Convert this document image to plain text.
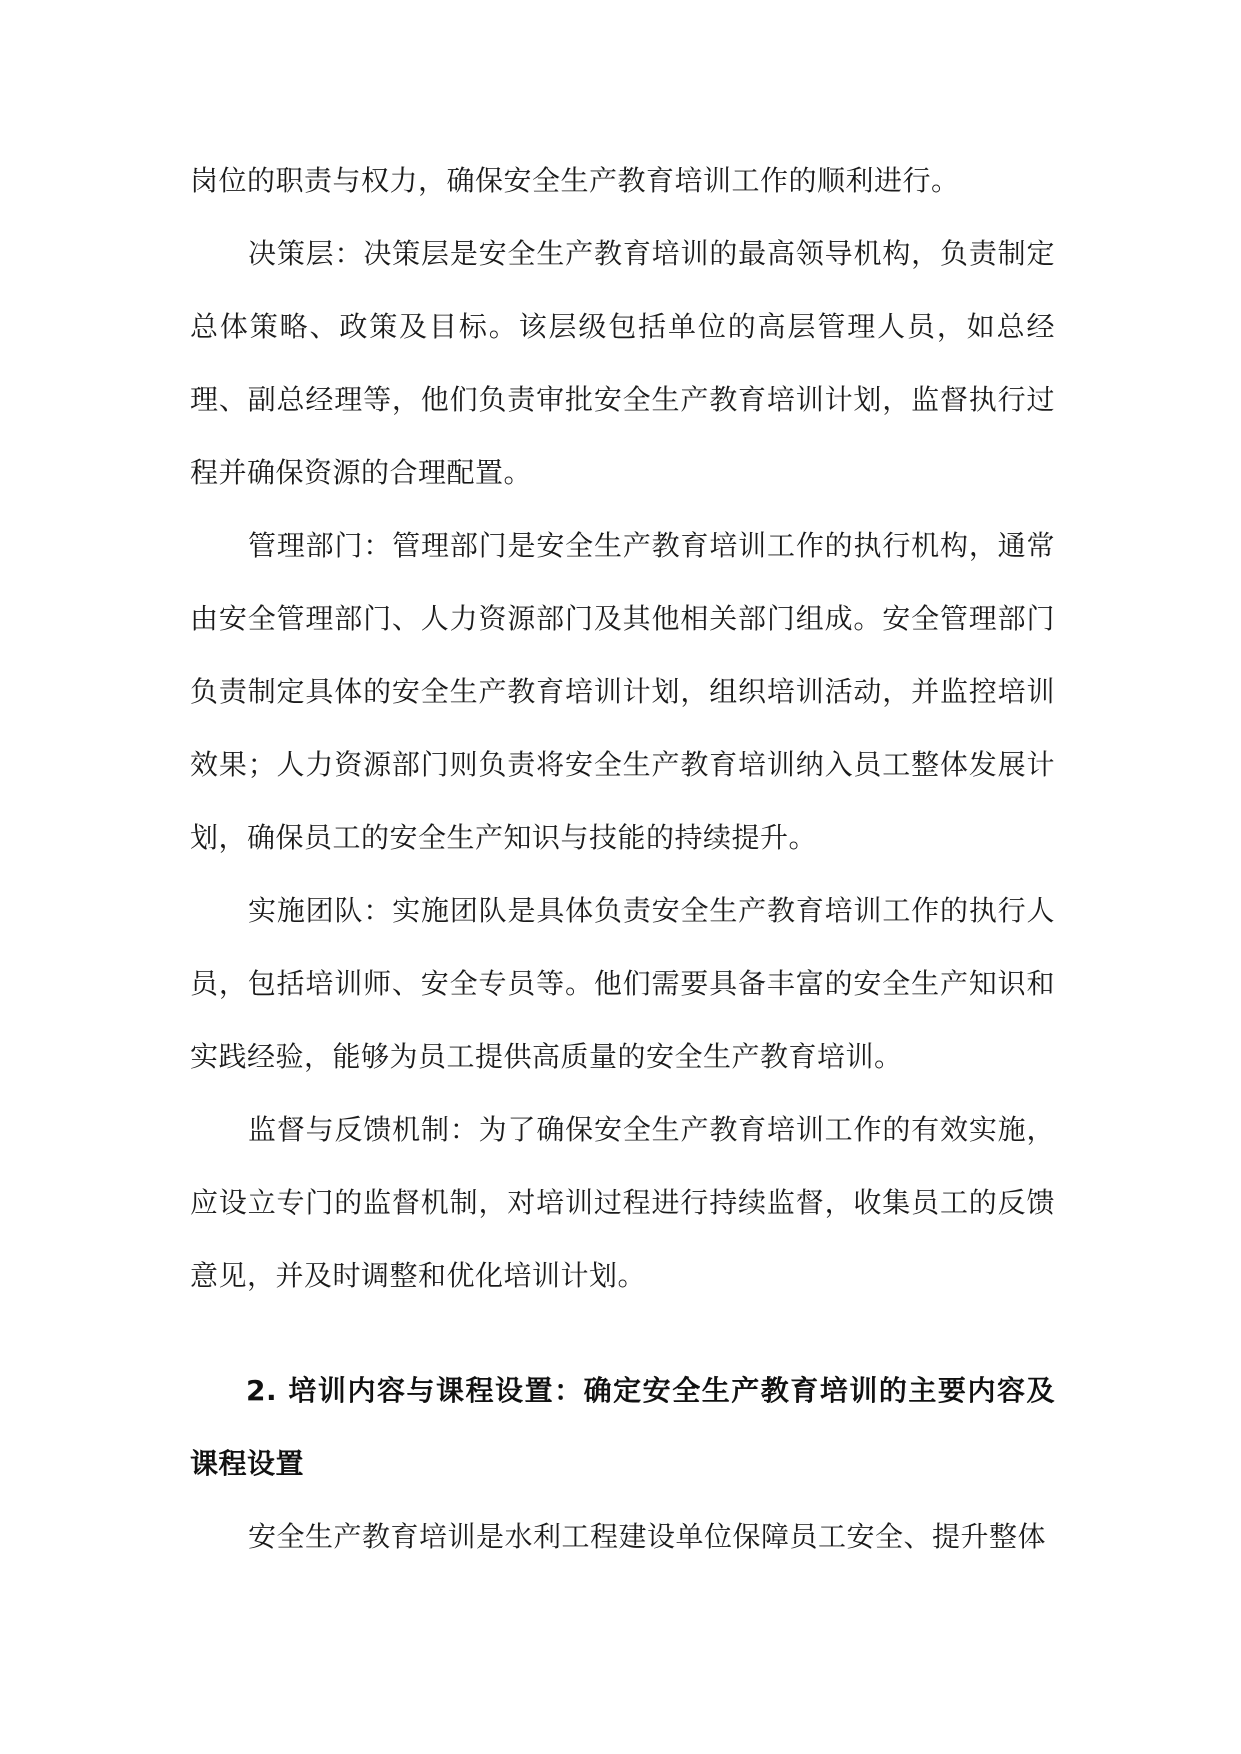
岗位的职责与权力，确保安全生产教育培训工作的顺利进行。

决策层：决策层是安全生产教育培训的最高领导机构，负责制定总体策略、政策及目标。该层级包括单位的高层管理人员，如总经理、副总经理等，他们负责审批安全生产教育培训计划，监督执行过程并确保资源的合理配置。

管理部门：管理部门是安全生产教育培训工作的执行机构，通常由安全管理部门、人力资源部门及其他相关部门组成。安全管理部门负责制定具体的安全生产教育培训计划，组织培训活动，并监控培训效果；人力资源部门则负责将安全生产教育培训纳入员工整体发展计划，确保员工的安全生产知识与技能的持续提升。

实施团队：实施团队是具体负责安全生产教育培训工作的执行人员，包括培训师、安全专员等。他们需要具备丰富的安全生产知识和实践经验，能够为员工提供高质量的安全生产教育培训。

监督与反馈机制：为了确保安全生产教育培训工作的有效实施，应设立专门的监督机制，对培训过程进行持续监督，收集员工的反馈意见，并及时调整和优化培训计划。

2. 培训内容与课程设置：确定安全生产教育培训的主要内容及课程设置

安全生产教育培训是水利工程建设单位保障员工安全、提升整体
